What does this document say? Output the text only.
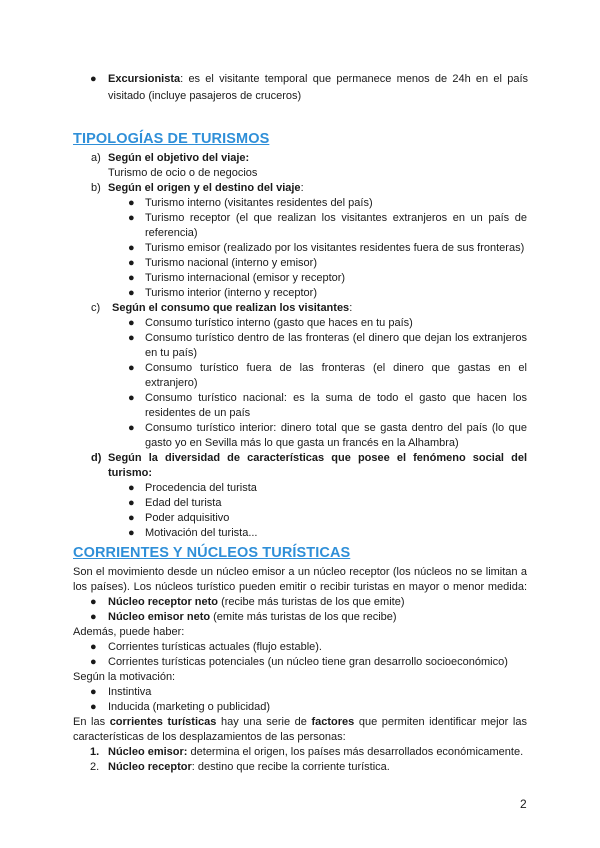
● Excursionista: es el visitante temporal que permanece menos de 24h en el país
visitado (incluye pasajeros de cruceros)
TIPOLOGÍAS DE TURISMOS
a) Según el objetivo del viaje:
Turismo de ocio o de negocios
b) Según el origen y el destino del viaje:
● Turismo interno (visitantes residentes del país)
● Turismo receptor (el que realizan los visitantes extranjeros en un país de
referencia)
● Turismo emisor (realizado por los visitantes residentes fuera de sus fronteras)
● Turismo nacional (interno y emisor)
● Turismo internacional (emisor y receptor)
● Turismo interior (interno y receptor)
c) Según el consumo que realizan los visitantes:
● Consumo turístico interno (gasto que haces en tu país)
● Consumo turístico dentro de las fronteras (el dinero que dejan los extranjeros
en tu país)
● Consumo turístico fuera de las fronteras (el dinero que gastas en el
extranjero)
● Consumo turístico nacional: es la suma de todo el gasto que hacen los
residentes de un país
● Consumo turístico interior: dinero total que se gasta dentro del país (lo que
gasto yo en Sevilla más lo que gasta un francés en la Alhambra)
d) Según la diversidad de características que posee el fenómeno social del
turismo:
● Procedencia del turista
● Edad del turista
● Poder adquisitivo
● Motivación del turista...
CORRIENTES Y NÚCLEOS TURÍSTICAS
Son el movimiento desde un núcleo emisor a un núcleo receptor (los núcleos no se limitan a
los países). Los núcleos turístico pueden emitir o recibir turistas en mayor o menor medida:
● Núcleo receptor neto (recibe más turistas de los que emite)
● Núcleo emisor neto (emite más turistas de los que recibe)
Además, puede haber:
● Corrientes turísticas actuales (flujo estable).
● Corrientes turísticas potenciales (un núcleo tiene gran desarrollo socioeconómico)
Según la motivación:
● Instintiva
● Inducida (marketing o publicidad)
En las corrientes turísticas hay una serie de factores que permiten identificar mejor las
características de los desplazamientos de las personas:
1. Núcleo emisor: determina el origen, los países más desarrollados económicamente.
2. Núcleo receptor: destino que recibe la corriente turística.
2
